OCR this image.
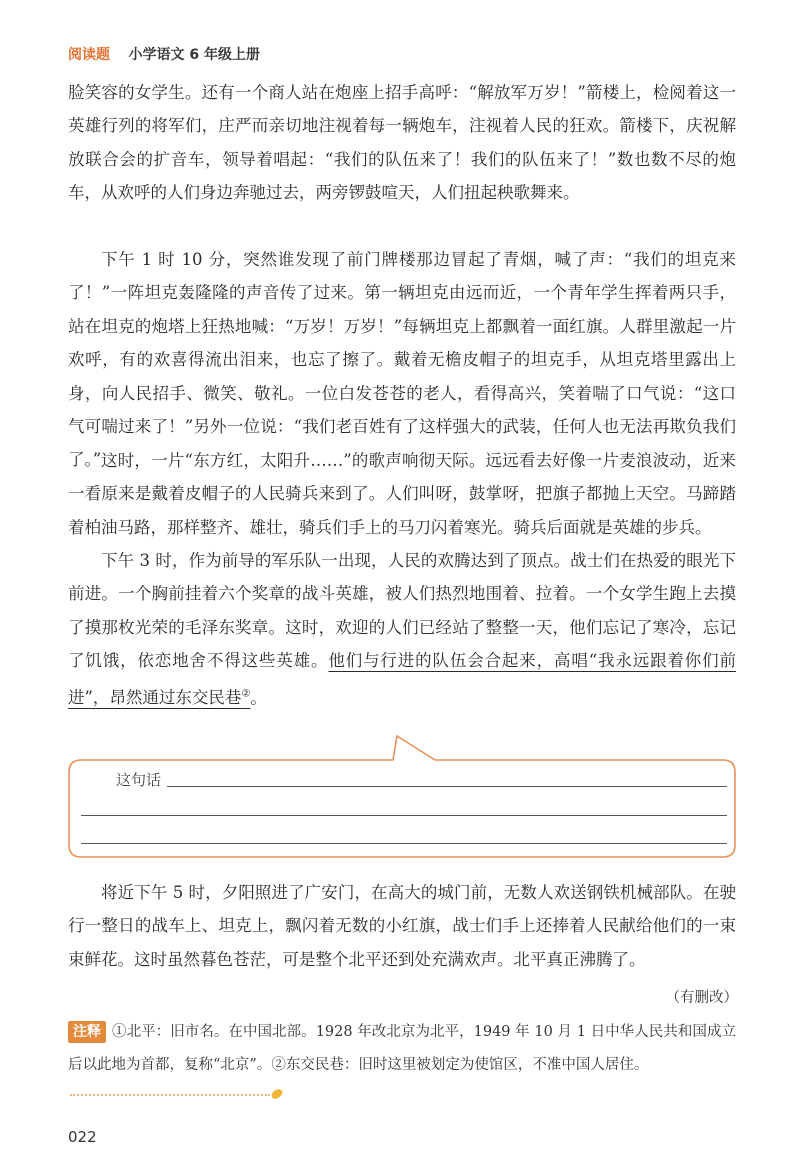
阅读题 小学语文 6 年级上册
脸笑容的女学生。还有一个商人站在炮座上招手高呼：“解放军万岁！”箭楼上，检阅着这一英雄行列的将军们，庄严而亲切地注视着每一辆炮车，注视着人民的狂欢。箭楼下，庆祝解放联合会的扩音车，领导着唱起：“我们的队伍来了！我们的队伍来了！”数也数不尽的炮车，从欢呼的人们身边奔驰过去，两旁锣鼓喧天，人们扭起秧歌舞来。
下午 1 时 10 分，突然谁发现了前门牌楼那边冒起了青烟，喊了声：“我们的坦克来了！”一阵坦克轰隆隆的声音传了过来。第一辆坦克由远而近，一个青年学生挥着两只手，站在坦克的炮塔上狂热地喊：“万岁！万岁！”每辆坦克上都飘着一面红旗。人群里激起一片欢呼，有的欢喜得流出泪来，也忘了擦了。戴着无檐皮帽子的坦克手，从坦克塔里露出上身，向人民招手、微笑、敬礼。一位白发苍苍的老人，看得高兴，笑着喘了口气说：“这口气可喘过来了！”另外一位说：“我们老百姓有了这样强大的武装，任何人也无法再欺负我们了。” 这时，一片“东方红，太阳升……”的歌声响彻天际。远远看去好像一片麦浪波动，近来一看原来是戴着皮帽子的人民骑兵来到了。人们叫呀，鼓掌呀，把旗子都抛上天空。马蹄踏着柏油马路，那样整齐、雄壮，骑兵们手上的马刀闪着寒光。骑兵后面就是英雄的步兵。
下午 3 时，作为前导的军乐队一出现，人民的欢腾达到了顶点。战士们在热爱的眼光下前进。一个胸前挂着六个奖章的战斗英雄，被人们热烈地围着、拉着。一个女学生跑上去摸了摸那枚光荣的毛泽东奖章。这时，欢迎的人们已经站了整整一天，他们忘记了寒冷，忘记了饥饿，依恋地舍不得这些英雄。他们与行进的队伍会合起来，高唱“我永远跟着你们前进”，昂然通过东交民巷②。
这句话
将近下午 5 时，夕阳照进了广安门，在高大的城门前，无数人欢送钢铁机械部队。在驶行一整日的战车上、坦克上，飘闪着无数的小红旗，战士们手上还捧着人民献给他们的一束束鲜花。这时虽然暮色苍茫，可是整个北平还到处充满欢声。北平真正沸腾了。
（有删改）
注释 ①北平：旧市名。在中国北部。1928 年改北京为北平，1949 年 10 月 1 日中华人民共和国成立后以此地为首都，复称“北京”。②东交民巷：旧时这里被划定为使馆区，不准中国人居住。
022
